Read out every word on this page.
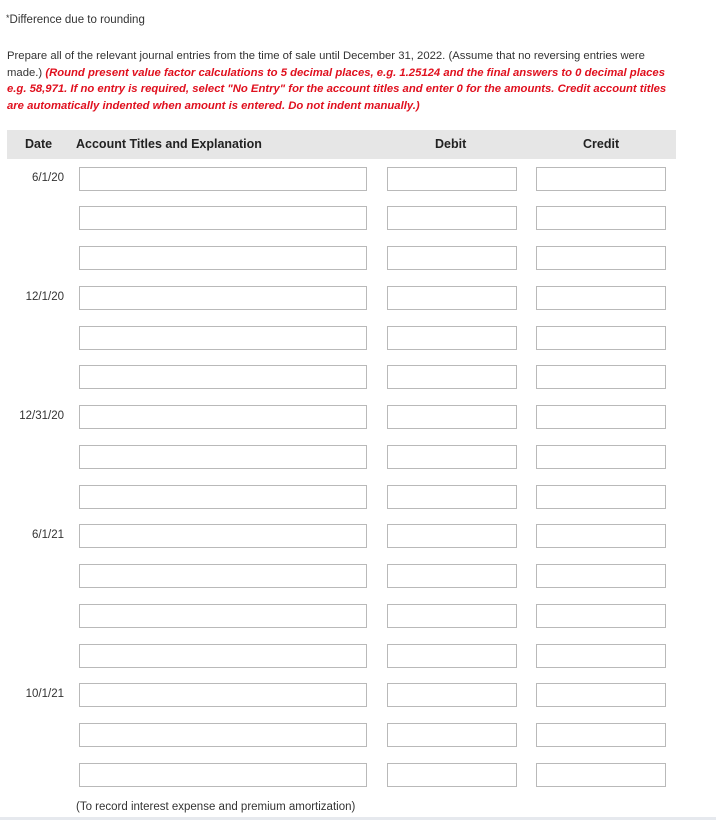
*Difference due to rounding
Prepare all of the relevant journal entries from the time of sale until December 31, 2022. (Assume that no reversing entries were made.) (Round present value factor calculations to 5 decimal places, e.g. 1.25124 and the final answers to 0 decimal places e.g. 58,971. If no entry is required, select "No Entry" for the account titles and enter 0 for the amounts. Credit account titles are automatically indented when amount is entered. Do not indent manually.)
Date Account Titles and Explanation	Debit	Credit
6/1/20
12/1/20
12/31/20
6/1/21
10/1/21
(To record interest expense and premium amortization)
